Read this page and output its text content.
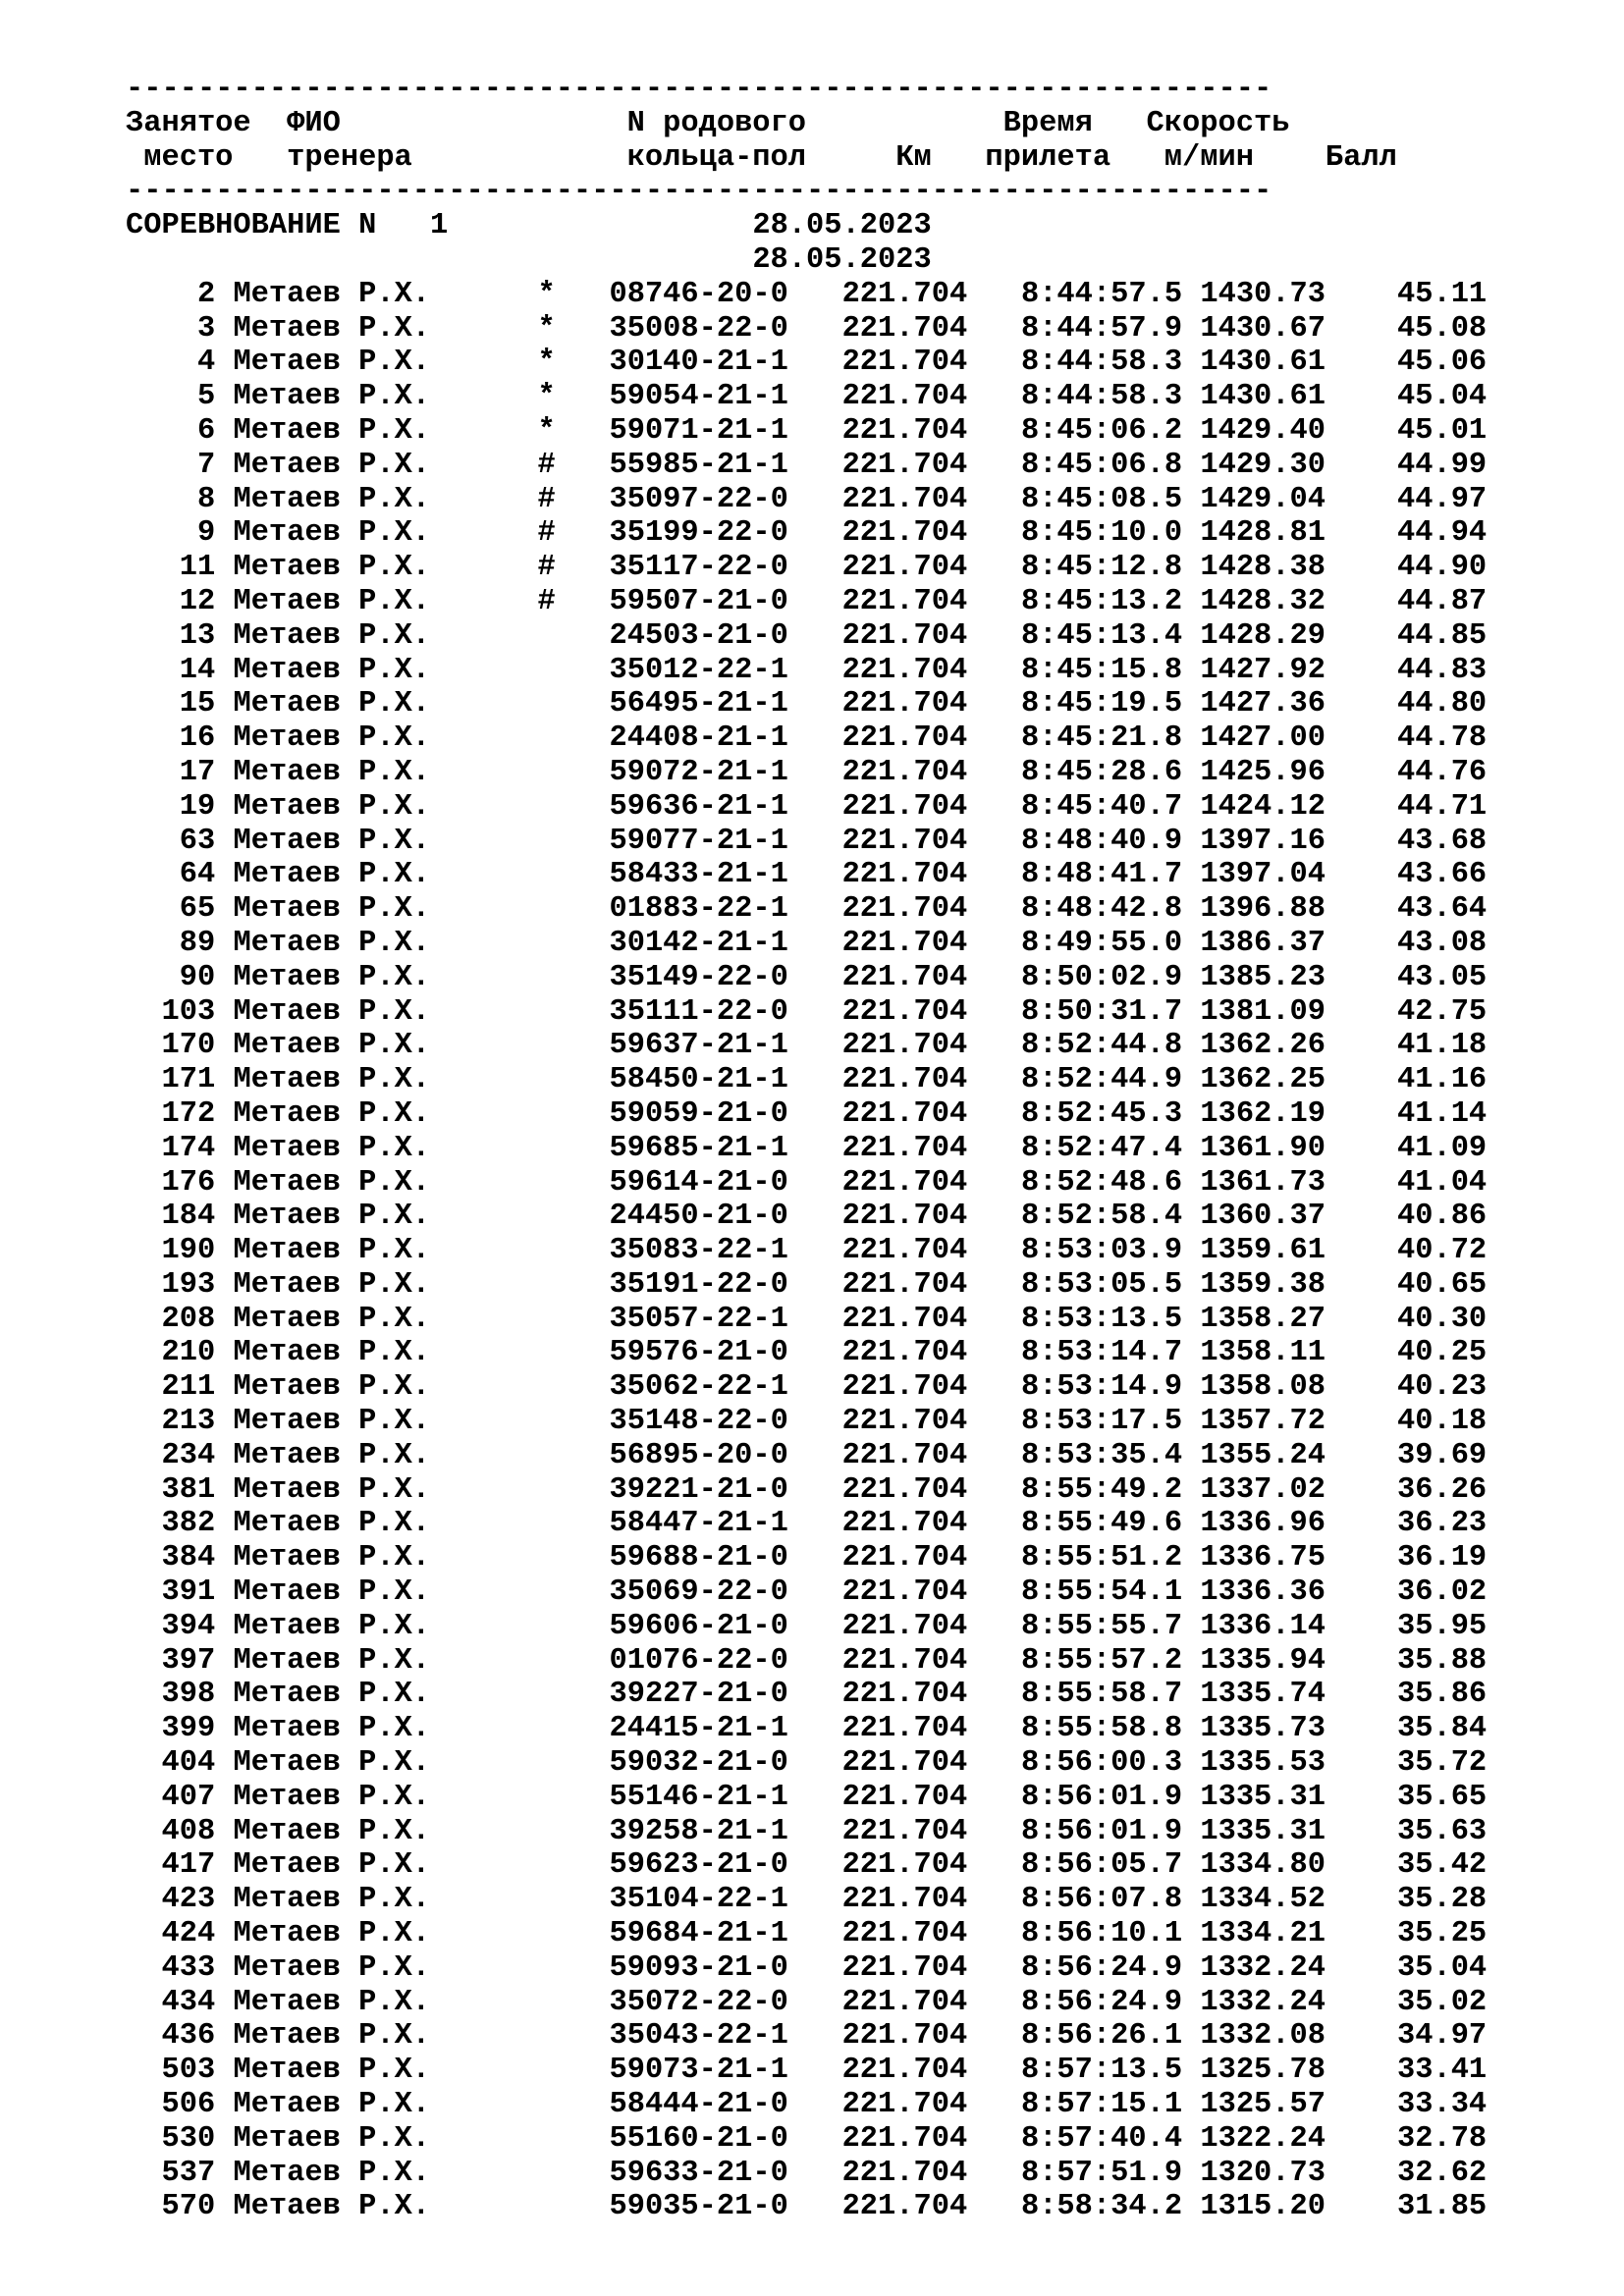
----------------------------------------------------------------
Занятое  ФИО                N родового           Время   Скорость
место   тренера            кольца-пол     Км   прилета   м/мин    Балл
----------------------------------------------------------------
СОРЕВНОВАНИЕ N   1	28.05.2023
28.05.2023
2 Метаев Р.Х.	* 08746-20-0   221.704   8:44:57.5 1430.73    45.11
3 Метаев Р.Х.	* 35008-22-0   221.704   8:44:57.9 1430.67    45.08
4 Метаев Р.Х.	* 30140-21-1   221.704   8:44:58.3 1430.61    45.06
5 Метаев Р.Х.	* 59054-21-1   221.704   8:44:58.3 1430.61    45.04
6 Метаев Р.Х.	* 59071-21-1   221.704   8:45:06.2 1429.40    45.01
7 Метаев Р.Х.	# 55985-21-1   221.704   8:45:06.8 1429.30    44.99
8 Метаев Р.Х.	# 35097-22-0   221.704   8:45:08.5 1429.04    44.97
9 Метаев Р.Х.	# 35199-22-0   221.704   8:45:10.0 1428.81    44.94
11 Метаев Р.Х.	# 35117-22-0   221.704   8:45:12.8 1428.38    44.90
12 Метаев Р.Х.	# 59507-21-0   221.704   8:45:13.2 1428.32    44.87
13 Метаев Р.Х.	24503-21-0   221.704   8:45:13.4 1428.29    44.85
14 Метаев Р.Х.	35012-22-1   221.704   8:45:15.8 1427.92    44.83
15 Метаев Р.Х.	56495-21-1   221.704   8:45:19.5 1427.36    44.80
16 Метаев Р.Х.	24408-21-1   221.704   8:45:21.8 1427.00    44.78
17 Метаев Р.Х.	59072-21-1   221.704   8:45:28.6 1425.96    44.76
19 Метаев Р.Х.	59636-21-1   221.704   8:45:40.7 1424.12    44.71
63 Метаев Р.Х.	59077-21-1   221.704   8:48:40.9 1397.16    43.68
64 Метаев Р.Х.	58433-21-1   221.704   8:48:41.7 1397.04    43.66
65 Метаев Р.Х.	01883-22-1   221.704   8:48:42.8 1396.88    43.64
89 Метаев Р.Х.	30142-21-1   221.704   8:49:55.0 1386.37    43.08
90 Метаев Р.Х.	35149-22-0   221.704   8:50:02.9 1385.23    43.05
103 Метаев Р.Х.	35111-22-0   221.704   8:50:31.7 1381.09    42.75
170 Метаев Р.Х.	59637-21-1   221.704   8:52:44.8 1362.26    41.18
171 Метаев Р.Х.	58450-21-1   221.704   8:52:44.9 1362.25    41.16
172 Метаев Р.Х.	59059-21-0   221.704   8:52:45.3 1362.19    41.14
174 Метаев Р.Х.	59685-21-1   221.704   8:52:47.4 1361.90    41.09
176 Метаев Р.Х.	59614-21-0   221.704   8:52:48.6 1361.73    41.04
184 Метаев Р.Х.	24450-21-0   221.704   8:52:58.4 1360.37    40.86
190 Метаев Р.Х.	35083-22-1   221.704   8:53:03.9 1359.61    40.72
193 Метаев Р.Х.	35191-22-0   221.704   8:53:05.5 1359.38    40.65
208 Метаев Р.Х.	35057-22-1   221.704   8:53:13.5 1358.27    40.30
210 Метаев Р.Х.	59576-21-0   221.704   8:53:14.7 1358.11    40.25
211 Метаев Р.Х.	35062-22-1   221.704   8:53:14.9 1358.08    40.23
213 Метаев Р.Х.	35148-22-0   221.704   8:53:17.5 1357.72    40.18
234 Метаев Р.Х.	56895-20-0   221.704   8:53:35.4 1355.24    39.69
381 Метаев Р.Х.	39221-21-0   221.704   8:55:49.2 1337.02    36.26
382 Метаев Р.Х.	58447-21-1   221.704   8:55:49.6 1336.96    36.23
384 Метаев Р.Х.	59688-21-0   221.704   8:55:51.2 1336.75    36.19
391 Метаев Р.Х.	35069-22-0   221.704   8:55:54.1 1336.36    36.02
394 Метаев Р.Х.	59606-21-0   221.704   8:55:55.7 1336.14    35.95
397 Метаев Р.Х.	01076-22-0   221.704   8:55:57.2 1335.94    35.88
398 Метаев Р.Х.	39227-21-0   221.704   8:55:58.7 1335.74    35.86
399 Метаев Р.Х.	24415-21-1   221.704   8:55:58.8 1335.73    35.84
404 Метаев Р.Х.	59032-21-0   221.704   8:56:00.3 1335.53    35.72
407 Метаев Р.Х.	55146-21-1   221.704   8:56:01.9 1335.31    35.65
408 Метаев Р.Х.	39258-21-1   221.704   8:56:01.9 1335.31    35.63
417 Метаев Р.Х.	59623-21-0   221.704   8:56:05.7 1334.80    35.42
423 Метаев Р.Х.	35104-22-1   221.704   8:56:07.8 1334.52    35.28
424 Метаев Р.Х.	59684-21-1   221.704   8:56:10.1 1334.21    35.25
433 Метаев Р.Х.	59093-21-0   221.704   8:56:24.9 1332.24    35.04
434 Метаев Р.Х.	35072-22-0   221.704   8:56:24.9 1332.24    35.02
436 Метаев Р.Х.	35043-22-1   221.704   8:56:26.1 1332.08    34.97
503 Метаев Р.Х.	59073-21-1   221.704   8:57:13.5 1325.78    33.41
506 Метаев Р.Х.	58444-21-0   221.704   8:57:15.1 1325.57    33.34
530 Метаев Р.Х.	55160-21-0   221.704   8:57:40.4 1322.24    32.78
537 Метаев Р.Х.	59633-21-0   221.704   8:57:51.9 1320.73    32.62
570 Метаев Р.Х.	59035-21-0   221.704   8:58:34.2 1315.20    31.85
